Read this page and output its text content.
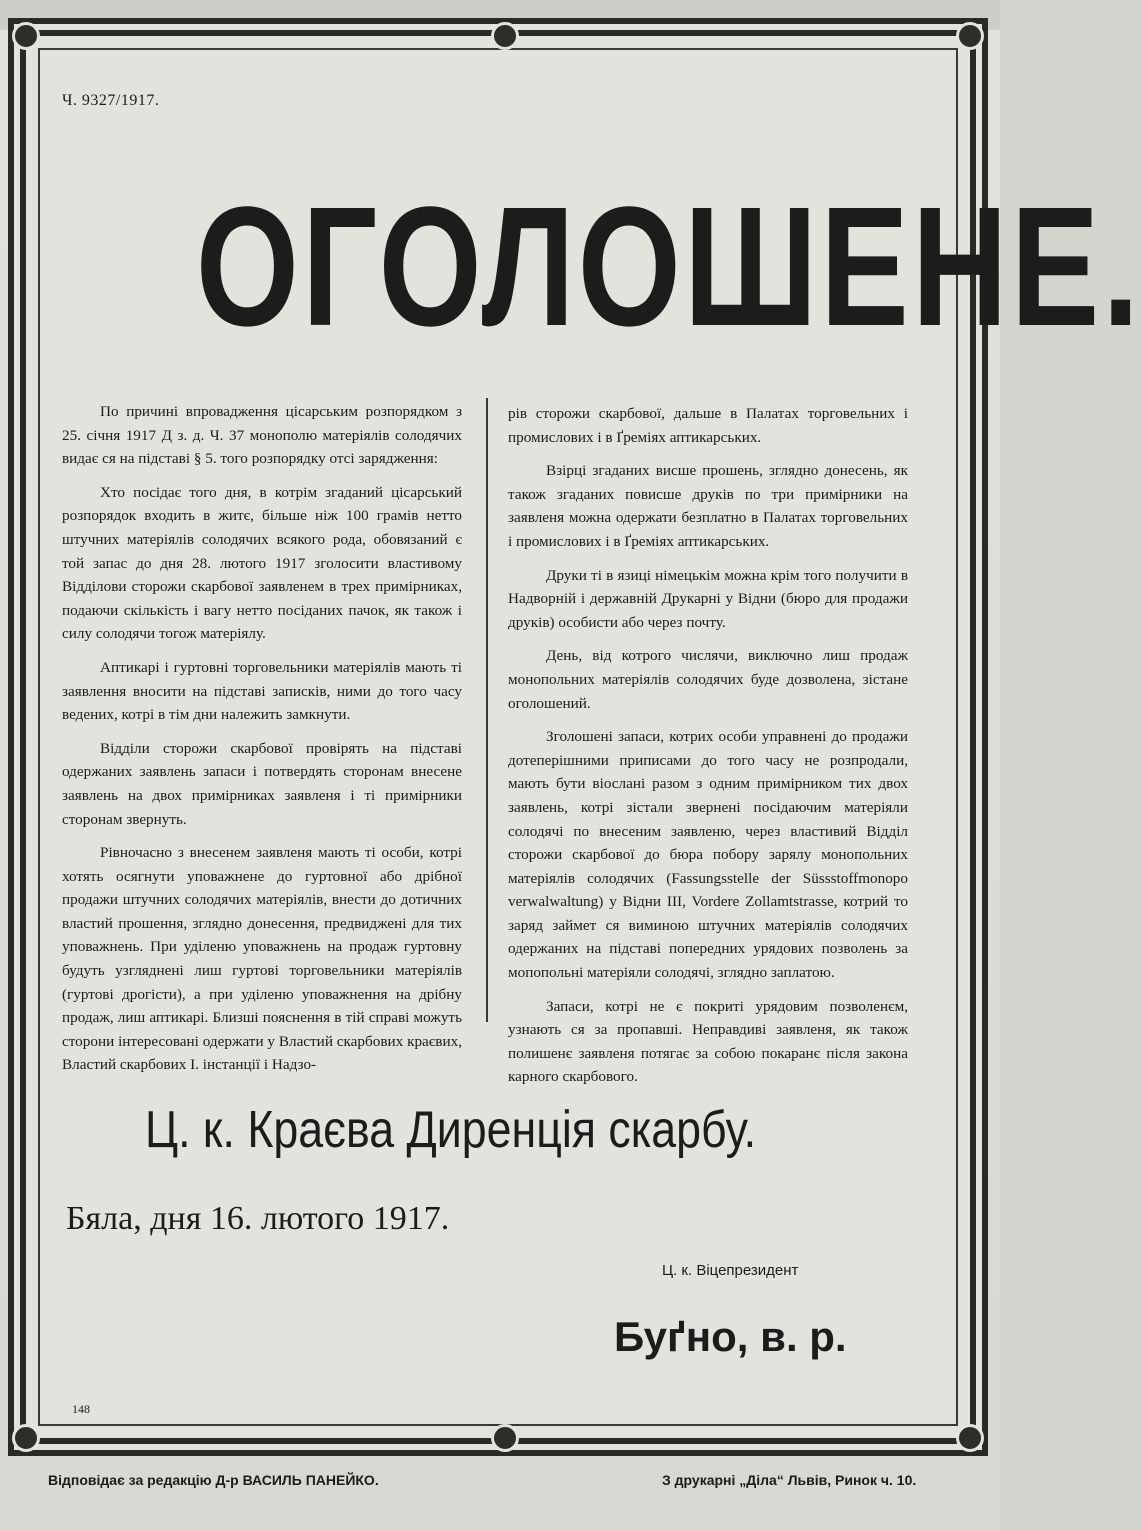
Ч. 9327/1917.
ОГОЛОШЕНЕ.

По причині впровадження цісарським розпорядком з 25. січня 1917 Д з. д. Ч. 37 монополю матеріялів солодячих видає ся на підставі § 5. того розпорядку отсі зарядження:

Хто посідає того дня, в котрім згаданий цісарський розпорядок входить в житє, більше ніж 100 грамів нетто штучних матеріялів солодячих всякого рода, обовязаний є той запас до дня 28. лютого 1917 зголосити властивому Відділови сторожи скарбової заявленем в трех примірниках, подаючи скількість і вагу нетто посіданих пачок, як також і силу солодячи тогож матеріялу.

Аптикарі і гуртовні торговельники матеріялів мають ті заявлення вносити на підставі записків, ними до того часу ведених, котрі в тім дни належить замкнути.

Відділи сторожи скарбової провірять на підставі одержаних заявлень запаси і потвердять сторонам внесене заявлень на двох примірниках заявленя і ті примірники сторонам звернуть.

Рівночасно з внесенем заявленя мають ті особи, котрі хотять осягнути уповажнене до гуртовної або дрібної продажи штучних солодячих матеріялів, внести до дотичних властий прошення, зглядно донесення, предвиджені для тих уповажнень. При уділеню уповажнень на продаж гуртовну будуть узгляднені лиш гуртові торговельники матеріялів (гуртові дрогісти), а при уділеню уповажнення на дрібну продаж, лиш аптикарі. Близші пояснення в тій справі можуть сторони інтересовані одержати у Властий скарбових краєвих, Властий скарбових І. інстанції і Надзо-

рів сторожи скарбової, дальше в Палатах торговельних і промислових і в Ґреміях аптикарських.

Взірці згаданих висше прошень, зглядно донесень, як також згаданих повисше друків по три примірники на заявленя можна одержати безплатно в Палатах торговельних і промислових і в Ґреміях аптикарських.

Друки ті в язиці німецькім можна крім того получити в Надворній і державній Друкарні у Відни (бюро для продажи друків) особисти або через почту.

День, від котрого числячи, виключно лиш продаж монопольних матеріялів солодячих буде дозволена, зістане оголошений.

Зголошені запаси, котрих особи управнені до продажи дотеперішними приписами до того часу не розпродали, мають бути віослані разом з одним примірником тих двох заявлень, котрі зістали звернені посідаючим матеріяли солодячі по внесеним заявленю, через властивий Відділ сторожи скарбової до бюра побору зарялу монопольних матеріялів солодячих (Fassungsstelle der Süssstoffmonopo verwalwaltung) у Відни III, Vordere Zollamtstrasse, котрий то заряд займет ся виминою штучних матеріялів солодячих одержаних на підставі попередних урядових позволень за мопопольні матеріяли солодячі, зглядно заплатою.

Запаси, котрі не є покриті урядовим позволенєм, узнають ся за пропавші. Неправдиві заявленя, як також полишенє заявленя потягає за собою покаранє після закона карного скарбового.

Ц. к. Краєва Диренція скарбу.
Бяла, дня 16. лютого 1917.
Ц. к. Віцепрезидент
Буґно, в. р.
148
Відповідає за редакцію Д-р ВАСИЛЬ ПАНЕЙКО.	З друкарні „Діла“ Львів, Ринок ч. 10.
